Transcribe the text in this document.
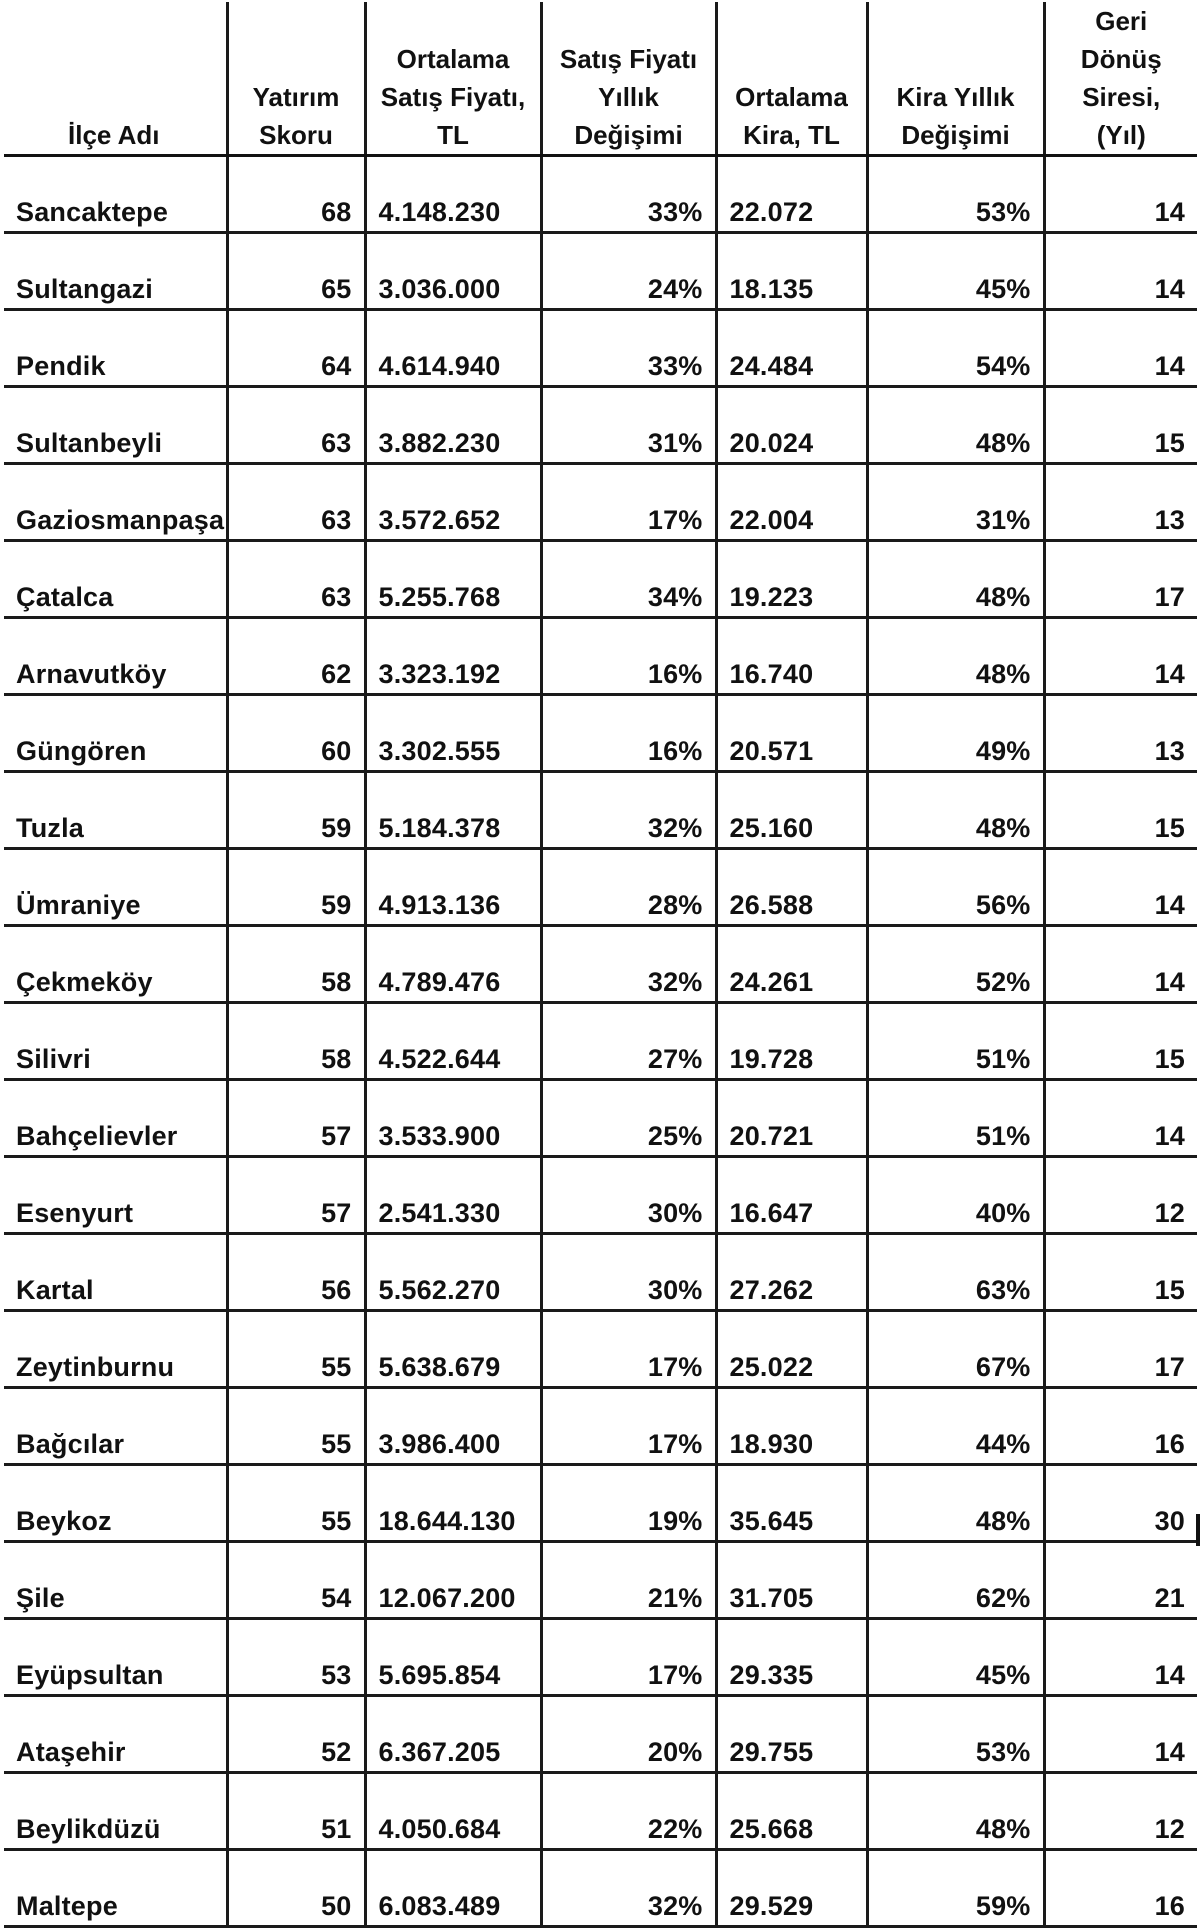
İlçe Adı	Yatırım Skoru	Ortalama Satış Fiyatı, TL	Satış Fiyatı Yıllık Değişimi	Ortalama Kira, TL	Kira Yıllık Değişimi	Geri Dönüş Siresi, (Yıl)
Sancaktepe	68	4.148.230	33%	22.072	53%	14
Sultangazi	65	3.036.000	24%	18.135	45%	14
Pendik	64	4.614.940	33%	24.484	54%	14
Sultanbeyli	63	3.882.230	31%	20.024	48%	15
Gaziosmanpaşa	63	3.572.652	17%	22.004	31%	13
Çatalca	63	5.255.768	34%	19.223	48%	17
Arnavutköy	62	3.323.192	16%	16.740	48%	14
Güngören	60	3.302.555	16%	20.571	49%	13
Tuzla	59	5.184.378	32%	25.160	48%	15
Ümraniye	59	4.913.136	28%	26.588	56%	14
Çekmeköy	58	4.789.476	32%	24.261	52%	14
Silivri	58	4.522.644	27%	19.728	51%	15
Bahçelievler	57	3.533.900	25%	20.721	51%	14
Esenyurt	57	2.541.330	30%	16.647	40%	12
Kartal	56	5.562.270	30%	27.262	63%	15
Zeytinburnu	55	5.638.679	17%	25.022	67%	17
Bağcılar	55	3.986.400	17%	18.930	44%	16
Beykoz	55	18.644.130	19%	35.645	48%	30
Şile	54	12.067.200	21%	31.705	62%	21
Eyüpsultan	53	5.695.854	17%	29.335	45%	14
Ataşehir	52	6.367.205	20%	29.755	53%	14
Beylikdüzü	51	4.050.684	22%	25.668	48%	12
Maltepe	50	6.083.489	32%	29.529	59%	16
